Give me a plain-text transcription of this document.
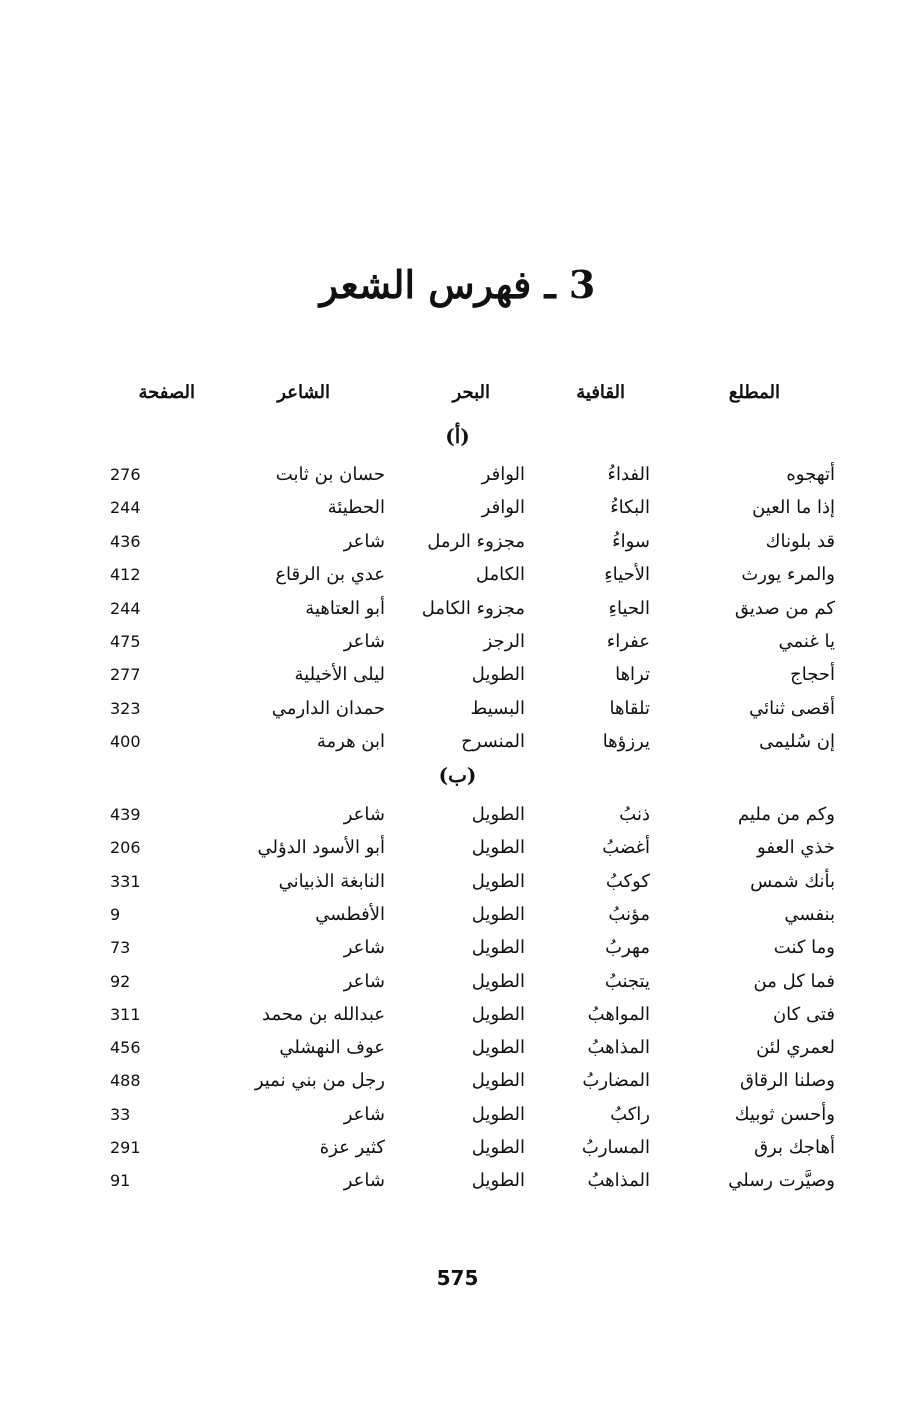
3 ـ فهرس الشعر
المطلع
القافية
البحر
الشاعر
الصفحة
(أ)
(ب)
575
أتهجوه
الفداءُ
الوافر
حسان بن ثابت
276
إذا ما العين
البكاءُ
الوافر
الحطيئة
244
قد بلوناك
سواءُ
مجزوء الرمل
شاعر
436
والمرء يورث
الأحياءِ
الكامل
عدي بن الرقاع
412
كم من صديق
الحياءِ
مجزوء الكامل
أبو العتاهية
244
يا غنمي
عفراء
الرجز
شاعر
475
أحجاج
تراها
الطويل
ليلى الأخيلية
277
أقصى ثنائي
تلقاها
البسيط
حمدان الدارمي
323
إن سُليمى
يرزؤها
المنسرح
ابن هرمة
400
وكم من مليم
ذنبُ
الطويل
شاعر
439
خذي العفو
أغضبُ
الطويل
أبو الأسود الدؤلي
206
بأنك شمس
كوكبُ
الطويل
النابغة الذبياني
331
بنفسي
مؤنبُ
الطويل
الأفطسي
9
وما كنت
مهربُ
الطويل
شاعر
73
فما كل من
يتجنبُ
الطويل
شاعر
92
فتى كان
المواهبُ
الطويل
عبدالله بن محمد
311
لعمري لئن
المذاهبُ
الطويل
عوف النهشلي
456
وصلنا الرقاق
المضاربُ
الطويل
رجل من بني نمير
488
وأحسن ثوبيك
راكبُ
الطويل
شاعر
33
أهاجك برق
المساربُ
الطويل
كثير عزة
291
وصيَّرت رسلي
المذاهبُ
الطويل
شاعر
91
